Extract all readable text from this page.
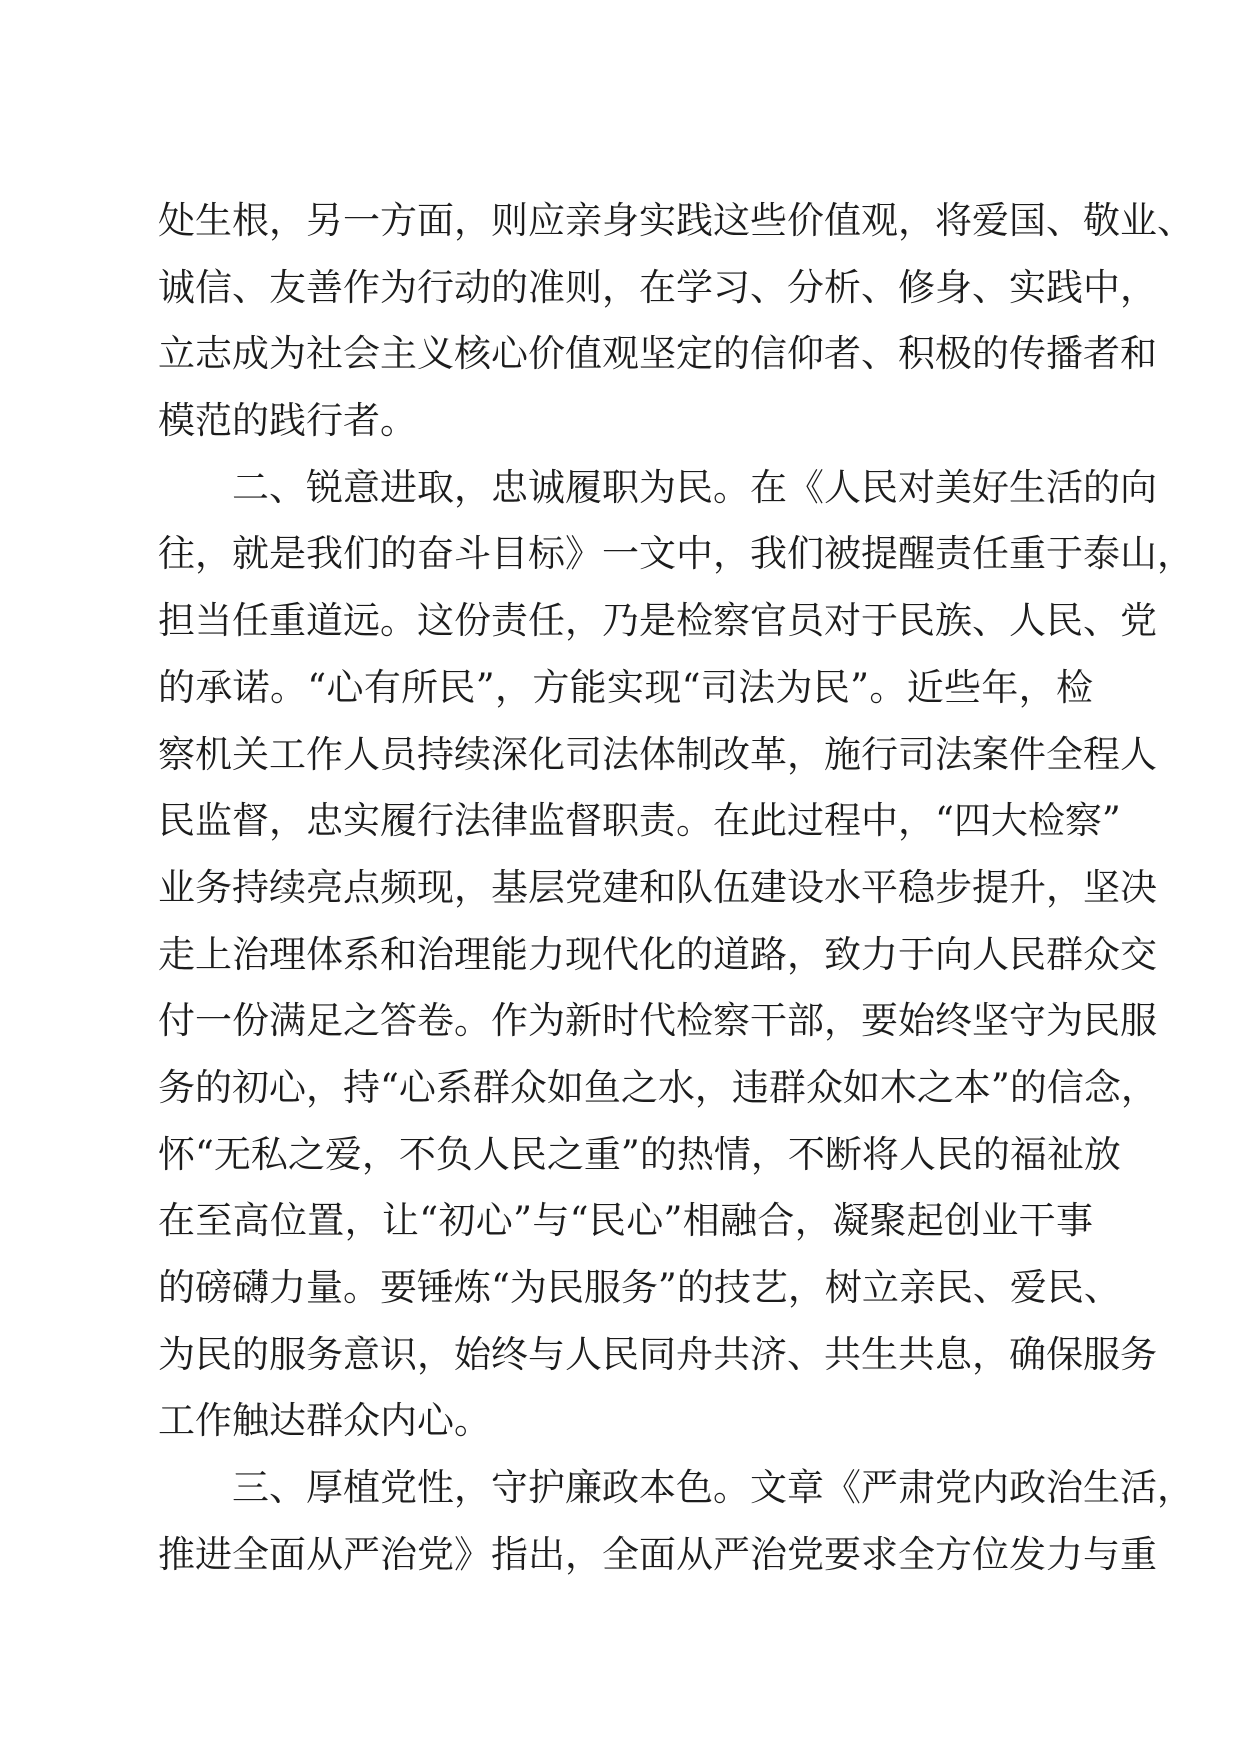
处生根，另一方面，则应亲身实践这些价值观，将爱国、敬业、
诚信、友善作为行动的准则，在学习、分析、修身、实践中，
立志成为社会主义核心价值观坚定的信仰者、积极的传播者和
模范的践行者。
　　二、锐意进取，忠诚履职为民。在《人民对美好生活的向
往，就是我们的奋斗目标》一文中，我们被提醒责任重于泰山，
担当任重道远。这份责任，乃是检察官员对于民族、人民、党
的承诺。“心有所民”，方能实现“司法为民”。近些年，检
察机关工作人员持续深化司法体制改革，施行司法案件全程人
民监督，忠实履行法律监督职责。在此过程中，“四大检察”
业务持续亮点频现，基层党建和队伍建设水平稳步提升，坚决
走上治理体系和治理能力现代化的道路，致力于向人民群众交
付一份满足之答卷。作为新时代检察干部，要始终坚守为民服
务的初心，持“心系群众如鱼之水，违群众如木之本”的信念，
怀“无私之爱，不负人民之重”的热情，不断将人民的福祉放
在至高位置，让“初心”与“民心”相融合，凝聚起创业干事
的磅礴力量。要锤炼“为民服务”的技艺，树立亲民、爱民、
为民的服务意识，始终与人民同舟共济、共生共息，确保服务
工作触达群众内心。
　　三、厚植党性，守护廉政本色。文章《严肃党内政治生活，
推进全面从严治党》指出，全面从严治党要求全方位发力与重
